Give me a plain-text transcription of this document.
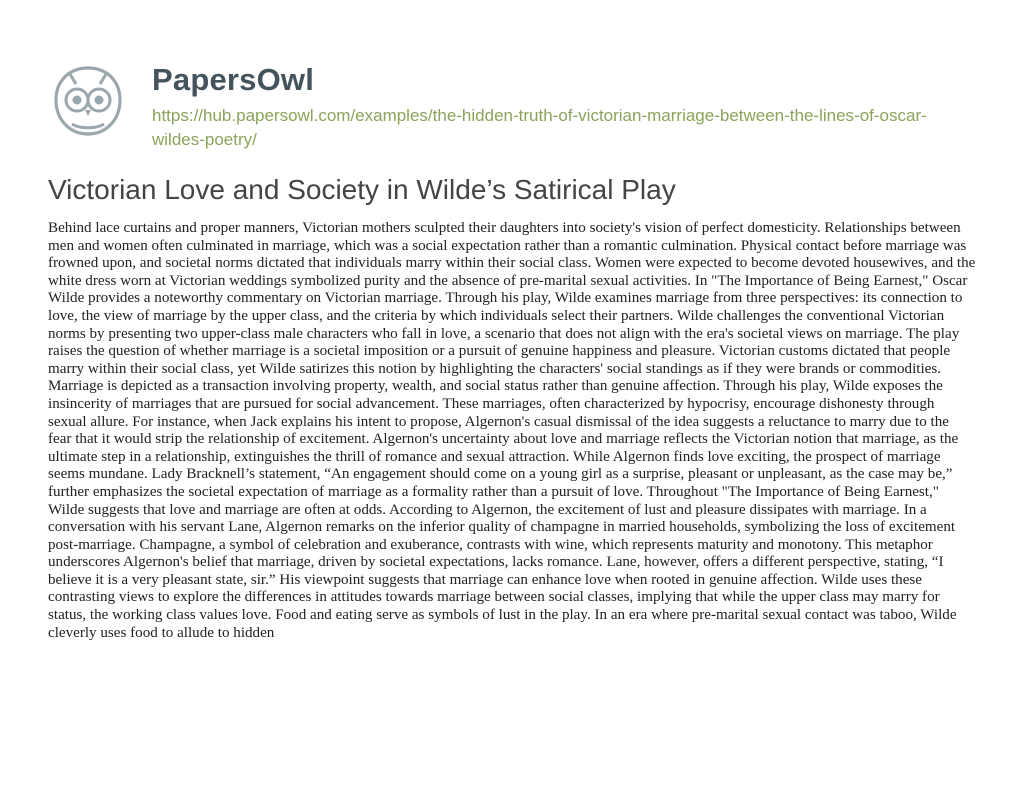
PapersOwl
https://hub.papersowl.com/examples/the-hidden-truth-of-victorian-marriage-between-the-lines-of-oscar-wildes-poetry/
Victorian Love and Society in Wilde’s Satirical Play

Behind lace curtains and proper manners, Victorian mothers sculpted their daughters into society's vision of perfect domesticity. Relationships between men and women often culminated in marriage, which was a social expectation rather than a romantic culmination. Physical contact before marriage was frowned upon, and societal norms dictated that individuals marry within their social class. Women were expected to become devoted housewives, and the white dress worn at Victorian weddings symbolized purity and the absence of pre-marital sexual activities. In "The Importance of Being Earnest," Oscar Wilde provides a noteworthy commentary on Victorian marriage. Through his play, Wilde examines marriage from three perspectives: its connection to love, the view of marriage by the upper class, and the criteria by which individuals select their partners. Wilde challenges the conventional Victorian norms by presenting two upper-class male characters who fall in love, a scenario that does not align with the era's societal views on marriage. The play raises the question of whether marriage is a societal imposition or a pursuit of genuine happiness and pleasure. Victorian customs dictated that people marry within their social class, yet Wilde satirizes this notion by highlighting the characters' social standings as if they were brands or commodities. Marriage is depicted as a transaction involving property, wealth, and social status rather than genuine affection. Through his play, Wilde exposes the insincerity of marriages that are pursued for social advancement. These marriages, often characterized by hypocrisy, encourage dishonesty through sexual allure. For instance, when Jack explains his intent to propose, Algernon's casual dismissal of the idea suggests a reluctance to marry due to the fear that it would strip the relationship of excitement. Algernon's uncertainty about love and marriage reflects the Victorian notion that marriage, as the ultimate step in a relationship, extinguishes the thrill of romance and sexual attraction. While Algernon finds love exciting, the prospect of marriage seems mundane. Lady Bracknell’s statement, “An engagement should come on a young girl as a surprise, pleasant or unpleasant, as the case may be,” further emphasizes the societal expectation of marriage as a formality rather than a pursuit of love. Throughout "The Importance of Being Earnest," Wilde suggests that love and marriage are often at odds. According to Algernon, the excitement of lust and pleasure dissipates with marriage. In a conversation with his servant Lane, Algernon remarks on the inferior quality of champagne in married households, symbolizing the loss of excitement post-marriage. Champagne, a symbol of celebration and exuberance, contrasts with wine, which represents maturity and monotony. This metaphor underscores Algernon's belief that marriage, driven by societal expectations, lacks romance. Lane, however, offers a different perspective, stating, “I believe it is a very pleasant state, sir.” His viewpoint suggests that marriage can enhance love when rooted in genuine affection. Wilde uses these contrasting views to explore the differences in attitudes towards marriage between social classes, implying that while the upper class may marry for status, the working class values love. Food and eating serve as symbols of lust in the play. In an era where pre-marital sexual contact was taboo, Wilde cleverly uses food to allude to hidden
